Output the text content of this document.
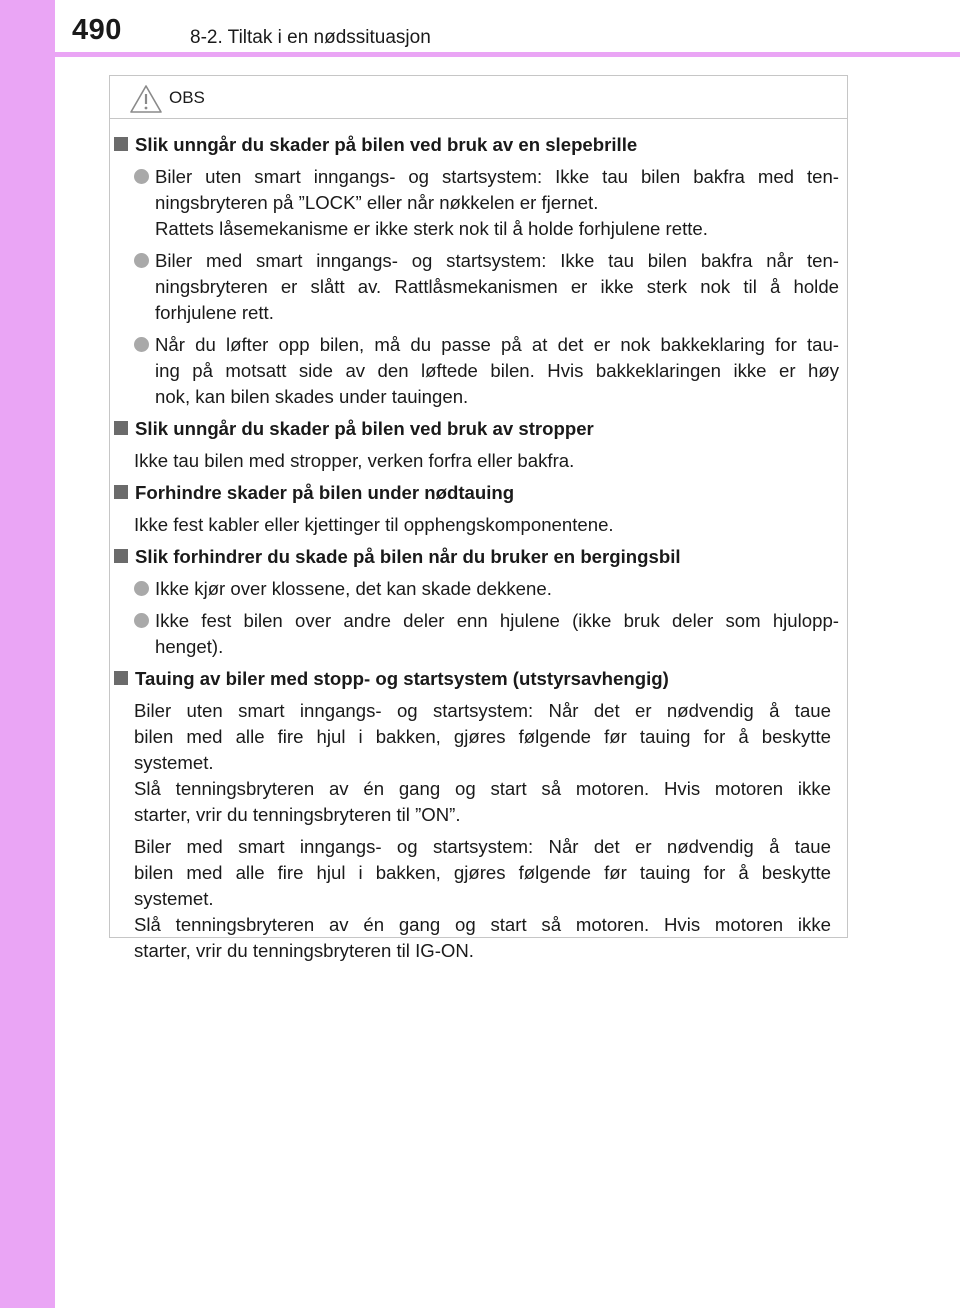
490	8-2. Tiltak i en nødssituasjon
OBS
Slik unngår du skader på bilen ved bruk av en slepebrille
Biler uten smart inngangs- og startsystem: Ikke tau bilen bakfra med ten-
ningsbryteren på ”LOCK” eller når nøkkelen er fjernet.
Rattets låsemekanisme er ikke sterk nok til å holde forhjulene rette.
Biler med smart inngangs- og startsystem: Ikke tau bilen bakfra når ten-
ningsbryteren er slått av. Rattlåsmekanismen er ikke sterk nok til å holde
forhjulene rett.
Når du løfter opp bilen, må du passe på at det er nok bakkeklaring for tau-
ing på motsatt side av den løftede bilen. Hvis bakkeklaringen ikke er høy
nok, kan bilen skades under tauingen.
Slik unngår du skader på bilen ved bruk av stropper
Ikke tau bilen med stropper, verken forfra eller bakfra.
Forhindre skader på bilen under nødtauing
Ikke fest kabler eller kjettinger til opphengskomponentene.
Slik forhindrer du skade på bilen når du bruker en bergingsbil
Ikke kjør over klossene, det kan skade dekkene.
Ikke fest bilen over andre deler enn hjulene (ikke bruk deler som hjulopp-
henget).
Tauing av biler med stopp- og startsystem (utstyrsavhengig)
Biler uten smart inngangs- og startsystem: Når det er nødvendig å taue
bilen med alle fire hjul i bakken, gjøres følgende før tauing for å beskytte
systemet.
Slå tenningsbryteren av én gang og start så motoren. Hvis motoren ikke
starter, vrir du tenningsbryteren til ”ON”.
Biler med smart inngangs- og startsystem: Når det er nødvendig å taue
bilen med alle fire hjul i bakken, gjøres følgende før tauing for å beskytte
systemet.
Slå tenningsbryteren av én gang og start så motoren. Hvis motoren ikke
starter, vrir du tenningsbryteren til IG-ON.
